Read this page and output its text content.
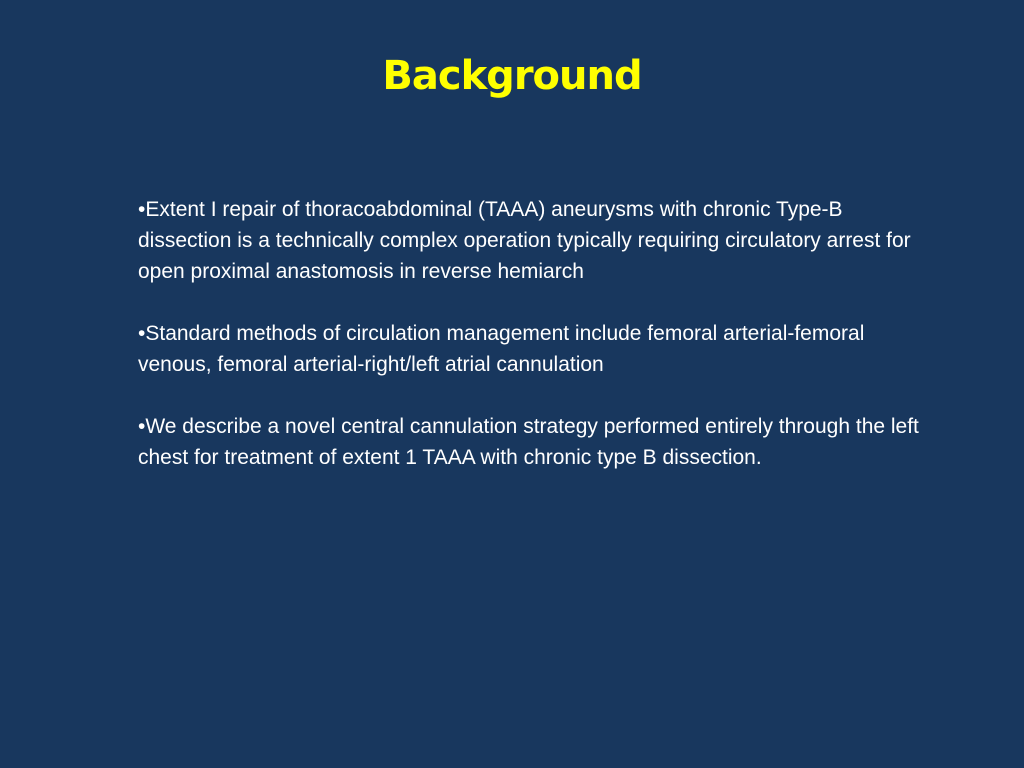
Background

•Extent I repair of thoracoabdominal (TAAA) aneurysms with chronic Type-B dissection is a technically complex operation typically requiring circulatory arrest for open proximal anastomosis in reverse hemiarch

•Standard methods of circulation management include femoral arterial-femoral venous, femoral arterial-right/left atrial cannulation

•We describe a novel central cannulation strategy performed entirely through the left chest for treatment of extent 1 TAAA with chronic type B dissection.
